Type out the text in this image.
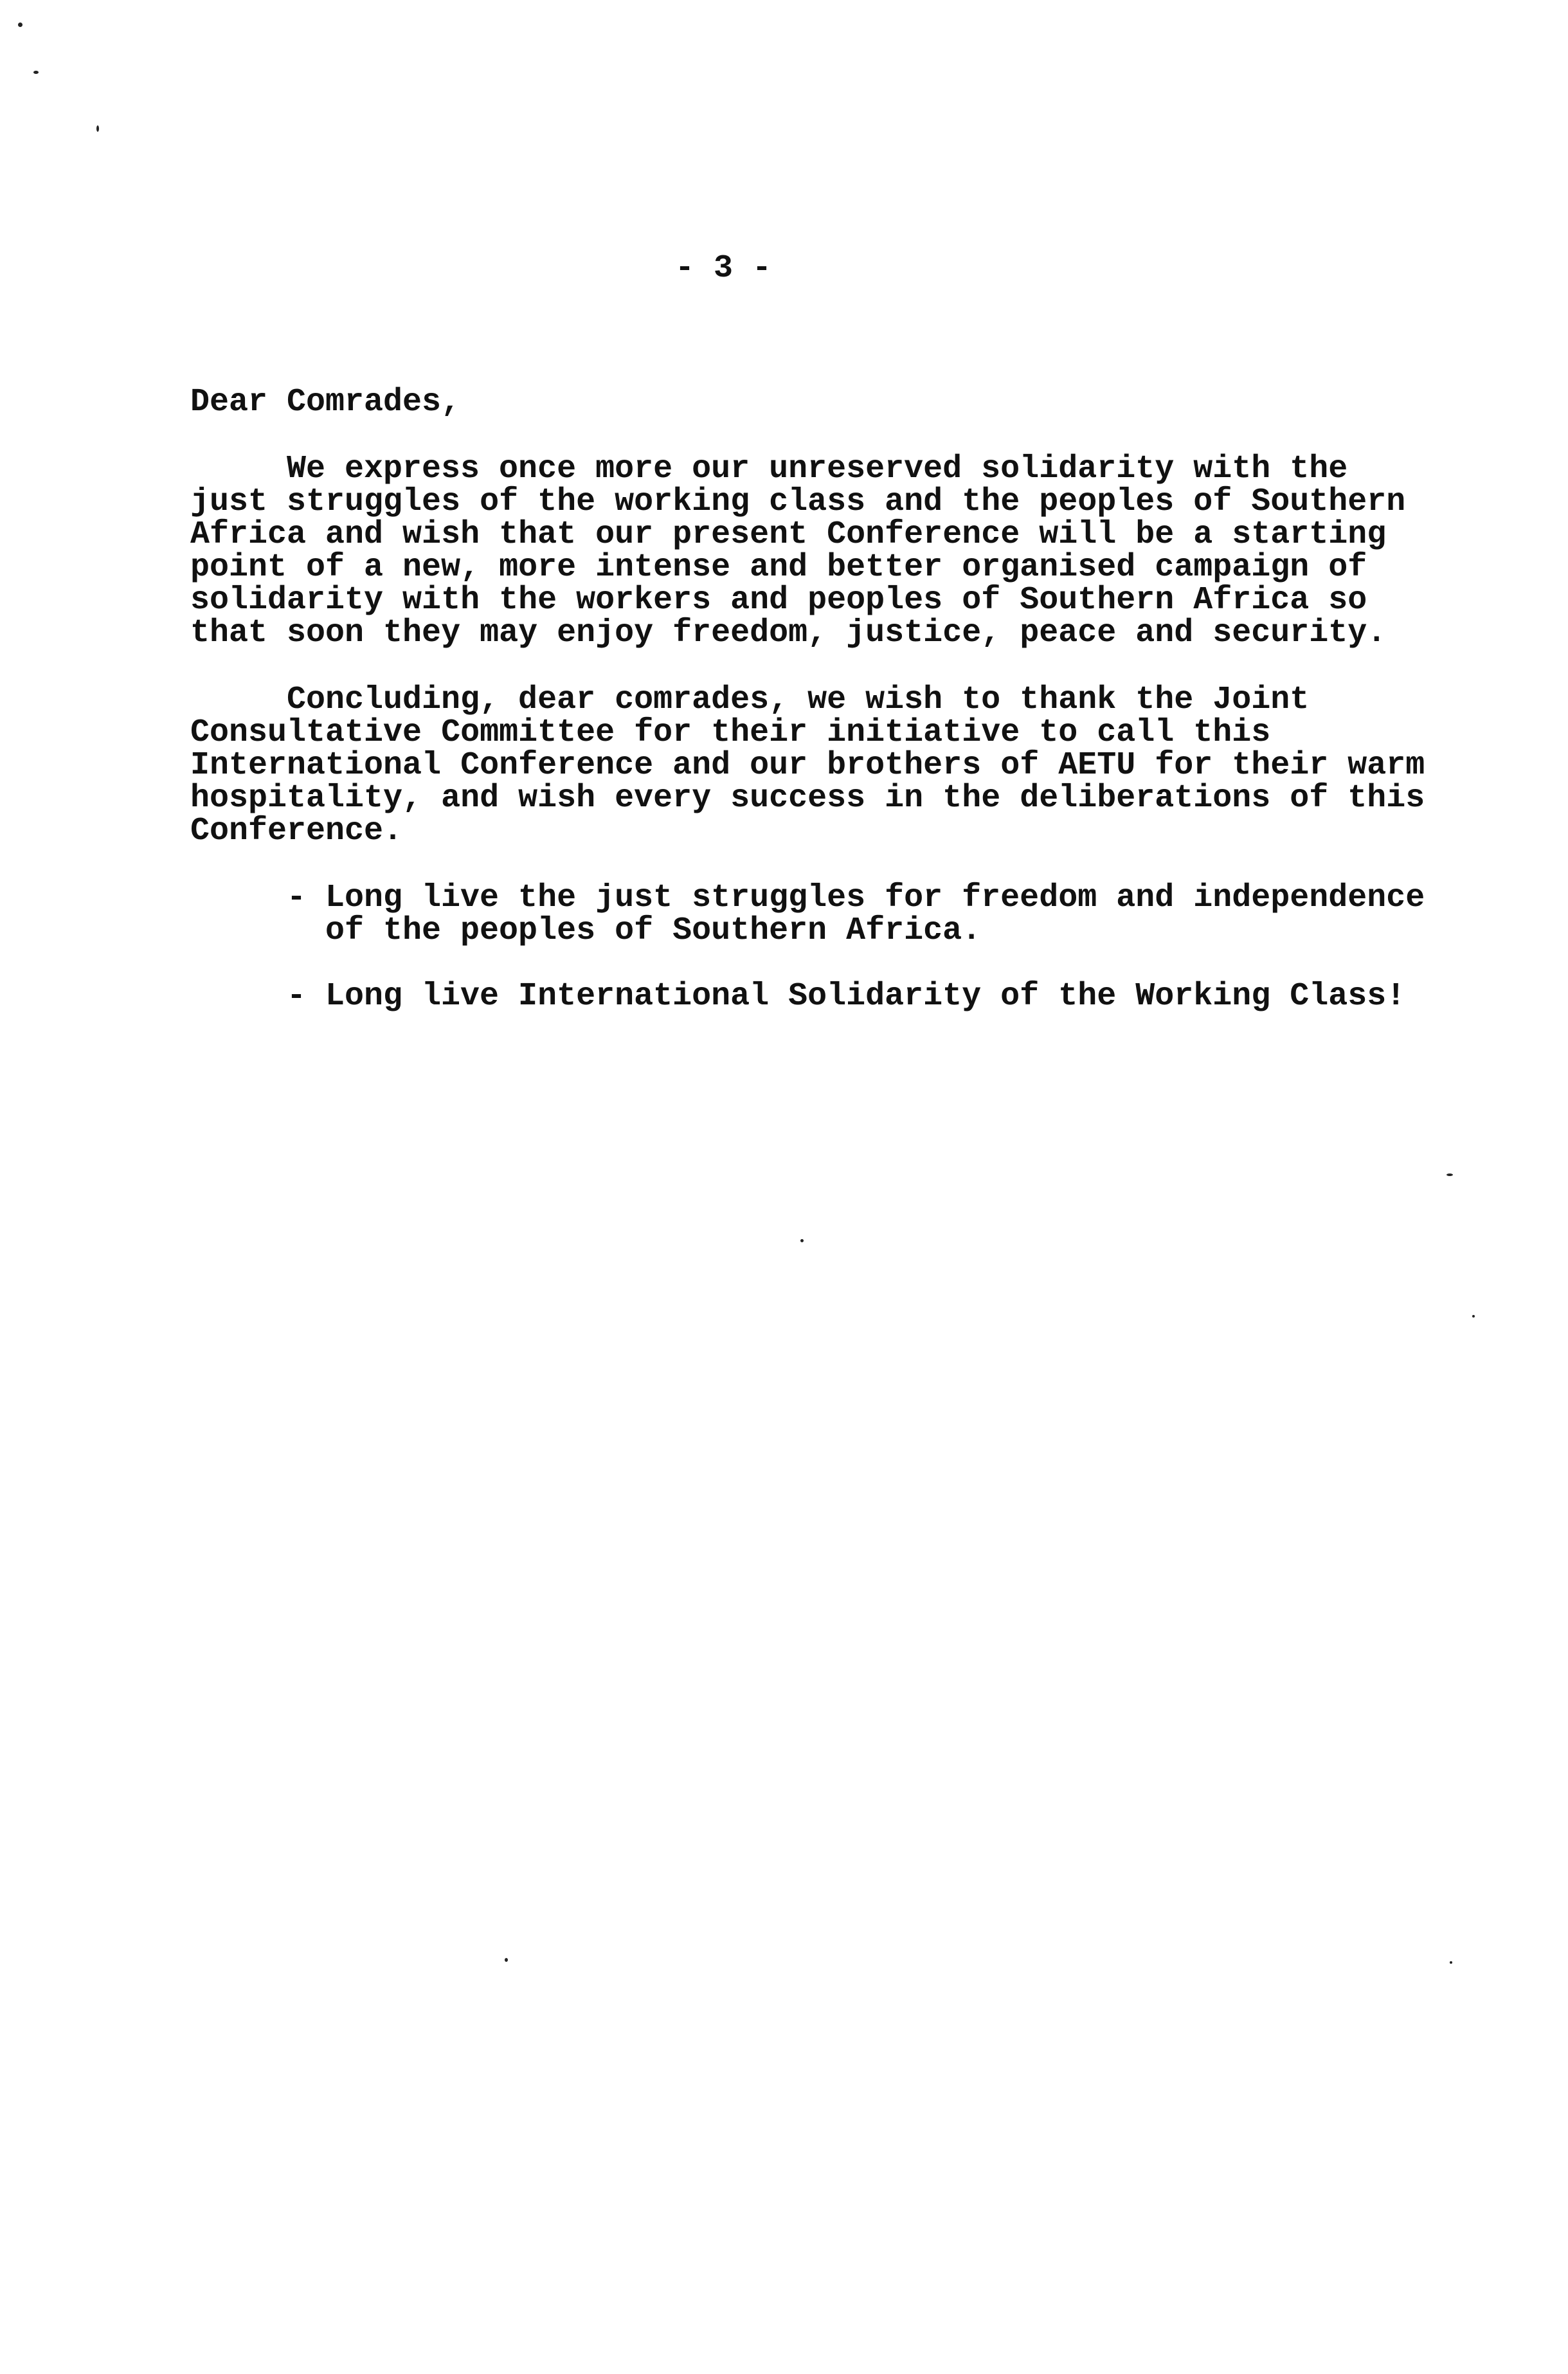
- 3 -
Dear Comrades,
We express once more our unreserved solidarity with the
just struggles of the working class and the peoples of Southern
Africa and wish that our present Conference will be a starting
point of a new, more intense and better organised campaign of
solidarity with the workers and peoples of Southern Africa so
that soon they may enjoy freedom, justice, peace and security.
Concluding, dear comrades, we wish to thank the Joint
Consultative Committee for their initiative to call this
International Conference and our brothers of AETU for their warm
hospitality, and wish every success in the deliberations of this
Conference.
- Long live the just struggles for freedom and independence
of the peoples of Southern Africa.
- Long live International Solidarity of the Working Class!
